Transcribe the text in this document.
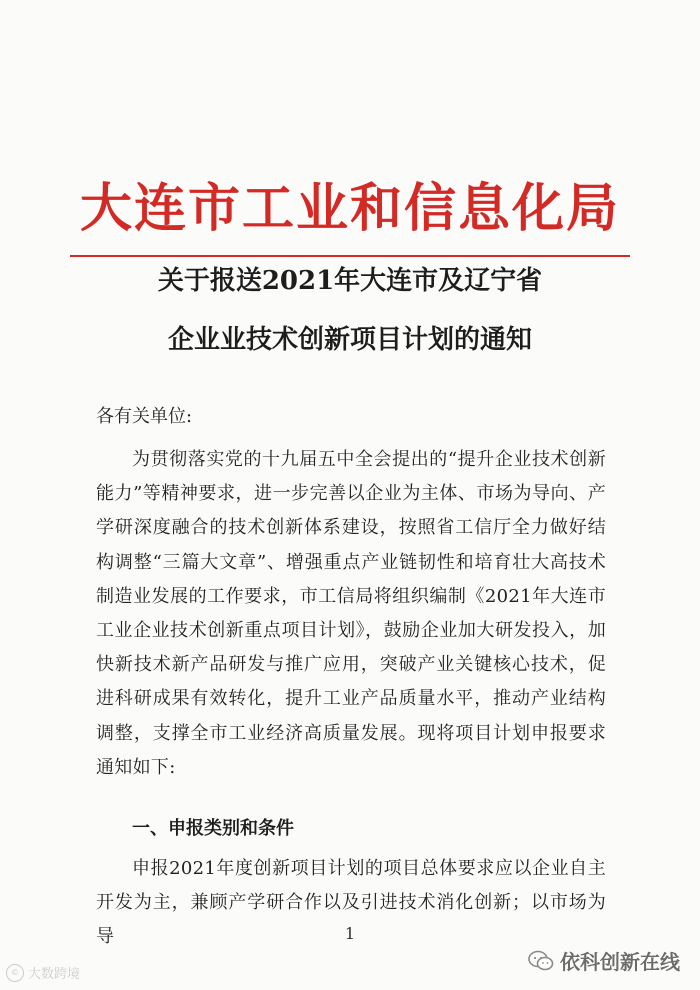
大连市工业和信息化局
关于报送2021年大连市及辽宁省
企业业技术创新项目计划的通知
各有关单位:
为贯彻落实党的十九届五中全会提出的“提升企业技术创新能力”等精神要求，进一步完善以企业为主体、市场为导向、产学研深度融合的技术创新体系建设，按照省工信厅全力做好结构调整“三篇大文章”、增强重点产业链韧性和培育壮大高技术制造业发展的工作要求，市工信局将组织编制《2021年大连市工业企业技术创新重点项目计划》，鼓励企业加大研发投入，加快新技术新产品研发与推广应用，突破产业关键核心技术，促进科研成果有效转化，提升工业产品质量水平，推动产业结构调整，支撑全市工业经济高质量发展。现将项目计划申报要求通知如下:
一、申报类别和条件
申报2021年度创新项目计划的项目总体要求应以企业自主开发为主，兼顾产学研合作以及引进技术消化创新；以市场为导	1
© 大数跨境
依科创新在线
